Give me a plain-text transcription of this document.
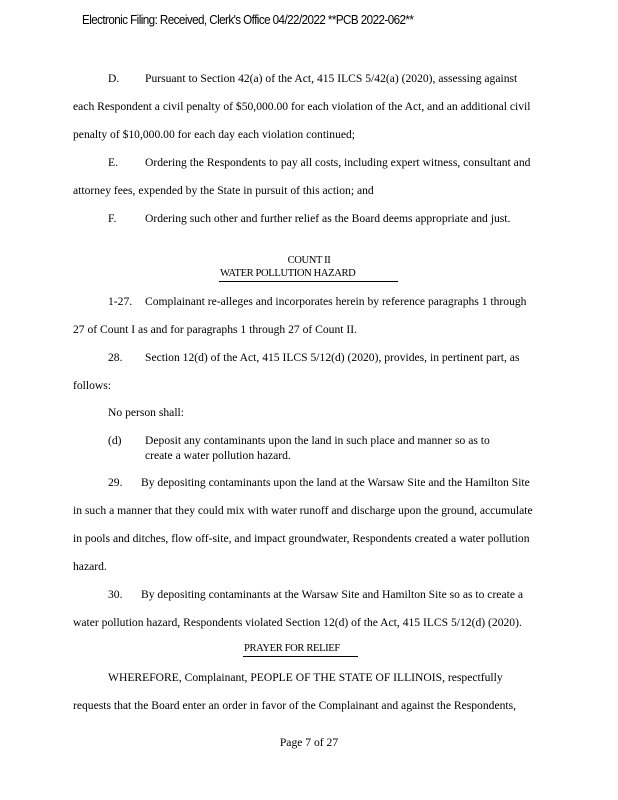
Electronic Filing: Received, Clerk's Office 04/22/2022 **PCB 2022-062**
D. Pursuant to Section 42(a) of the Act, 415 ILCS 5/42(a) (2020), assessing against
each Respondent a civil penalty of $50,000.00 for each violation of the Act, and an additional civil
penalty of $10,000.00 for each day each violation continued;
E. Ordering the Respondents to pay all costs, including expert witness, consultant and
attorney fees, expended by the State in pursuit of this action; and
F. Ordering such other and further relief as the Board deems appropriate and just.
COUNT II
WATER POLLUTION HAZARD
1-27. Complainant re-alleges and incorporates herein by reference paragraphs 1 through
27 of Count I as and for paragraphs 1 through 27 of Count II.
28. Section 12(d) of the Act, 415 ILCS 5/12(d) (2020), provides, in pertinent part, as
follows:
No person shall:
(d) Deposit any contaminants upon the land in such place and manner so as to
create a water pollution hazard.
29. By depositing contaminants upon the land at the Warsaw Site and the Hamilton Site
in such a manner that they could mix with water runoff and discharge upon the ground, accumulate
in pools and ditches, flow off-site, and impact groundwater, Respondents created a water pollution
hazard.
30. By depositing contaminants at the Warsaw Site and Hamilton Site so as to create a
water pollution hazard, Respondents violated Section 12(d) of the Act, 415 ILCS 5/12(d) (2020).
PRAYER FOR RELIEF
WHEREFORE, Complainant, PEOPLE OF THE STATE OF ILLINOIS, respectfully
requests that the Board enter an order in favor of the Complainant and against the Respondents,
Page 7 of 27
